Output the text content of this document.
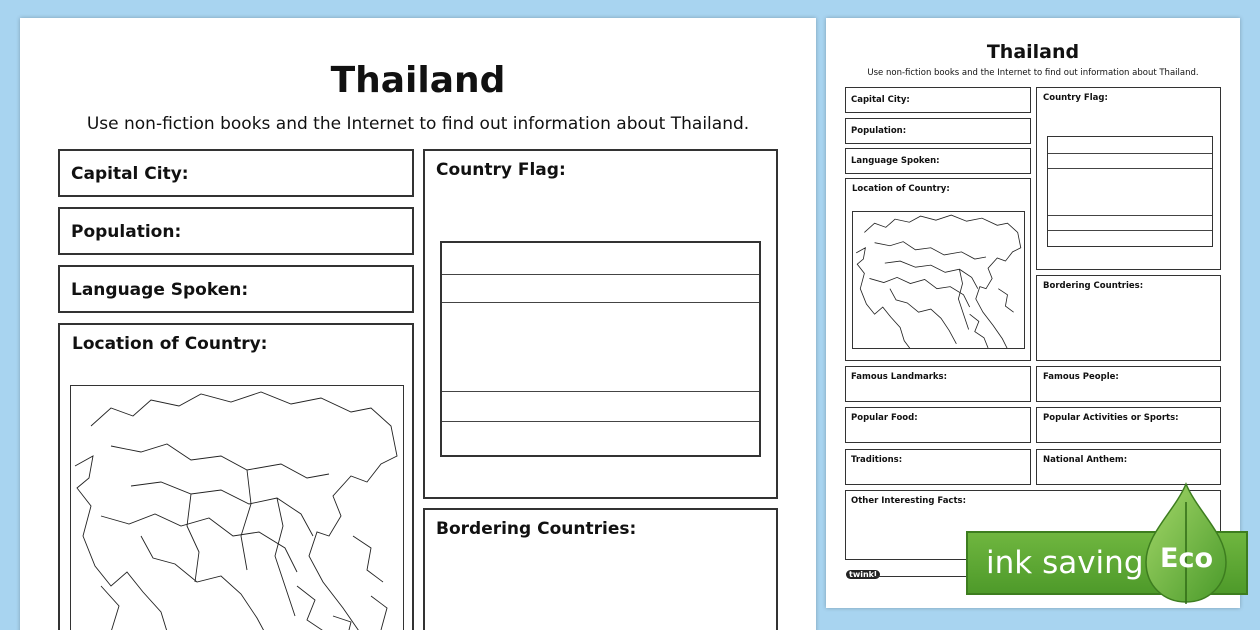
Thailand
Use non-fiction books and the Internet to find out information about Thailand.
Capital City:
Population:
Language Spoken:
Location of Country:
Country Flag:
Bordering Countries:
Thailand
Use non-fiction books and the Internet to find out information about Thailand.
Capital City:
Population:
Language Spoken:
Location of Country:
Country Flag:
Bordering Countries:
Famous Landmarks:	Famous People:
Popular Food:	Popular Activities or Sports:
Traditions:	National Anthem:
Other Interesting Facts:
twinkl	ink saving Eco
